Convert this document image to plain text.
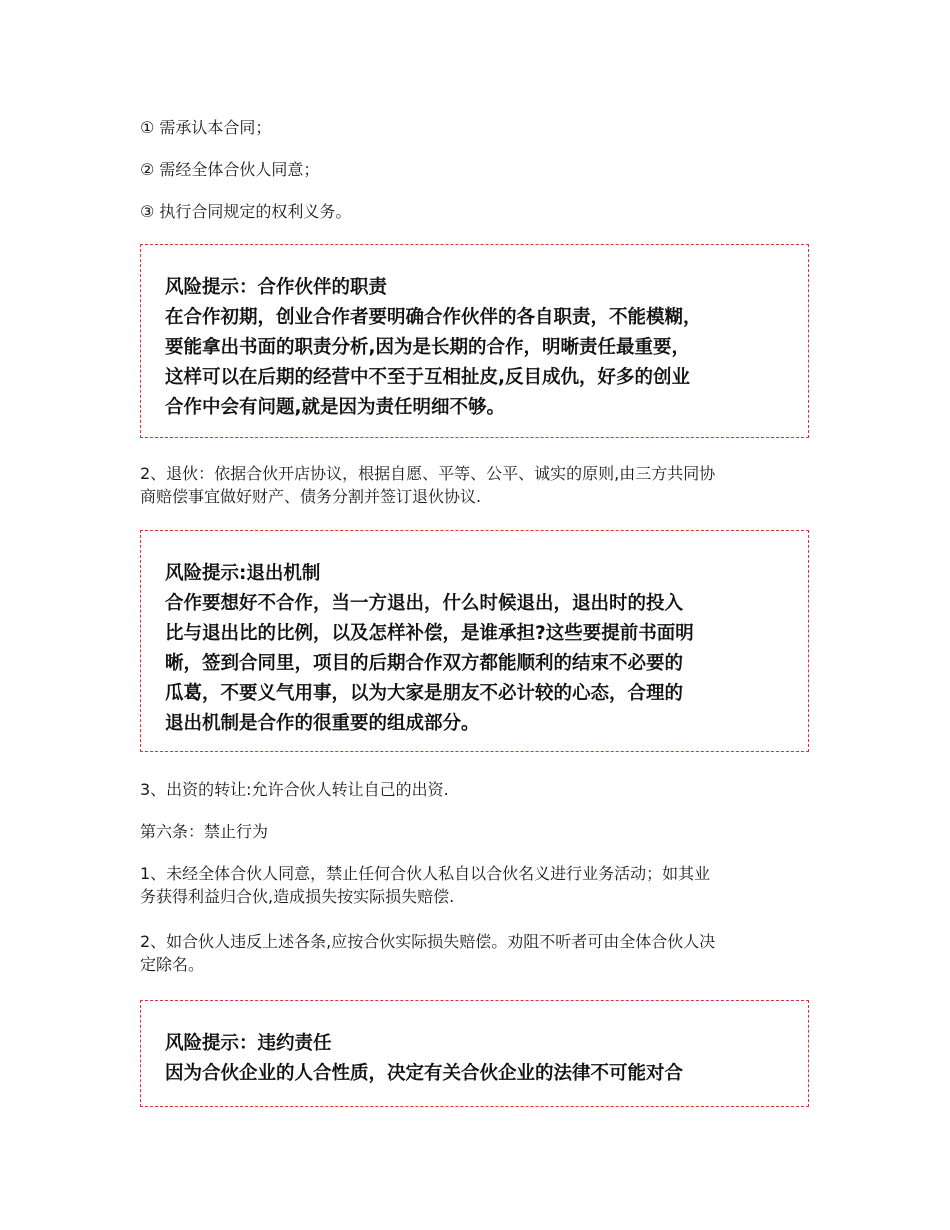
① 需承认本合同；

② 需经全体合伙人同意；

③ 执行合同规定的权利义务。

风险提示：合作伙伴的职责

在合作初期，创业合作者要明确合作伙伴的各自职责，不能模糊，

要能拿出书面的职责分析,因为是长期的合作，明晰责任最重要，

这样可以在后期的经营中不至于互相扯皮,反目成仇，好多的创业

合作中会有问题,就是因为责任明细不够。

2、退伙：依据合伙开店协议，根据自愿、平等、公平、诚实的原则,由三方共同协
商赔偿事宜做好财产、债务分割并签订退伙协议.

风险提示:退出机制

合作要想好不合作，当一方退出，什么时候退出，退出时的投入

比与退出比的比例，以及怎样补偿，是谁承担?这些要提前书面明

晰，签到合同里，项目的后期合作双方都能顺利的结束不必要的

瓜葛，不要义气用事，以为大家是朋友不必计较的心态，合理的

退出机制是合作的很重要的组成部分。

3、出资的转让:允许合伙人转让自己的出资.

第六条：禁止行为

1、未经全体合伙人同意，禁止任何合伙人私自以合伙名义进行业务活动；如其业
务获得利益归合伙,造成损失按实际损失赔偿.
2、如合伙人违反上述各条,应按合伙实际损失赔偿。劝阻不听者可由全体合伙人决
定除名。

风险提示：违约责任

因为合伙企业的人合性质，决定有关合伙企业的法律不可能对合
